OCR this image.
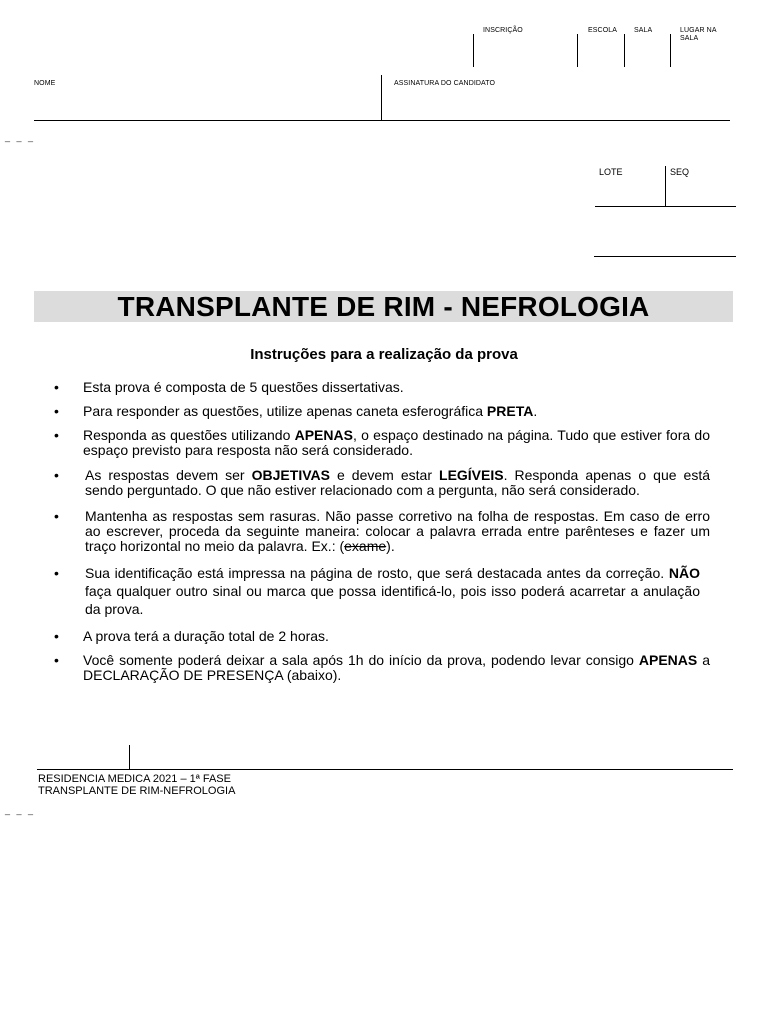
INSCRIÇÃO	ESCOLA SALA	LUGAR NA
SALA
NOME	ASSINATURA DO CANDIDATO
_ _ _
LOTE	SEQ
TRANSPLANTE DE RIM - NEFROLOGIA
Instruções para a realização da prova
• Esta prova é composta de 5 questões dissertativas.
• Para responder as questões, utilize apenas caneta esferográfica PRETA.
• Responda as questões utilizando APENAS, o espaço destinado na página. Tudo que estiver fora do espaço previsto para resposta não será considerado.
• As respostas devem ser OBJETIVAS e devem estar LEGÍVEIS. Responda apenas o que está sendo perguntado. O que não estiver relacionado com a pergunta, não será considerado.
• Mantenha as respostas sem rasuras. Não passe corretivo na folha de respostas. Em caso de erro ao escrever, proceda da seguinte maneira: colocar a palavra errada entre parênteses e fazer um traço horizontal no meio da palavra. Ex.: (exame).
• Sua identificação está impressa na página de rosto, que será destacada antes da correção. NÃO faça qualquer outro sinal ou marca que possa identificá-lo, pois isso poderá acarretar a anulação da prova.
• A prova terá a duração total de 2 horas.
• Você somente poderá deixar a sala após 1h do início da prova, podendo levar consigo APENAS a DECLARAÇÃO DE PRESENÇA (abaixo).
RESIDENCIA MEDICA 2021 – 1ª FASE
TRANSPLANTE DE RIM-NEFROLOGIA
_ _ _
